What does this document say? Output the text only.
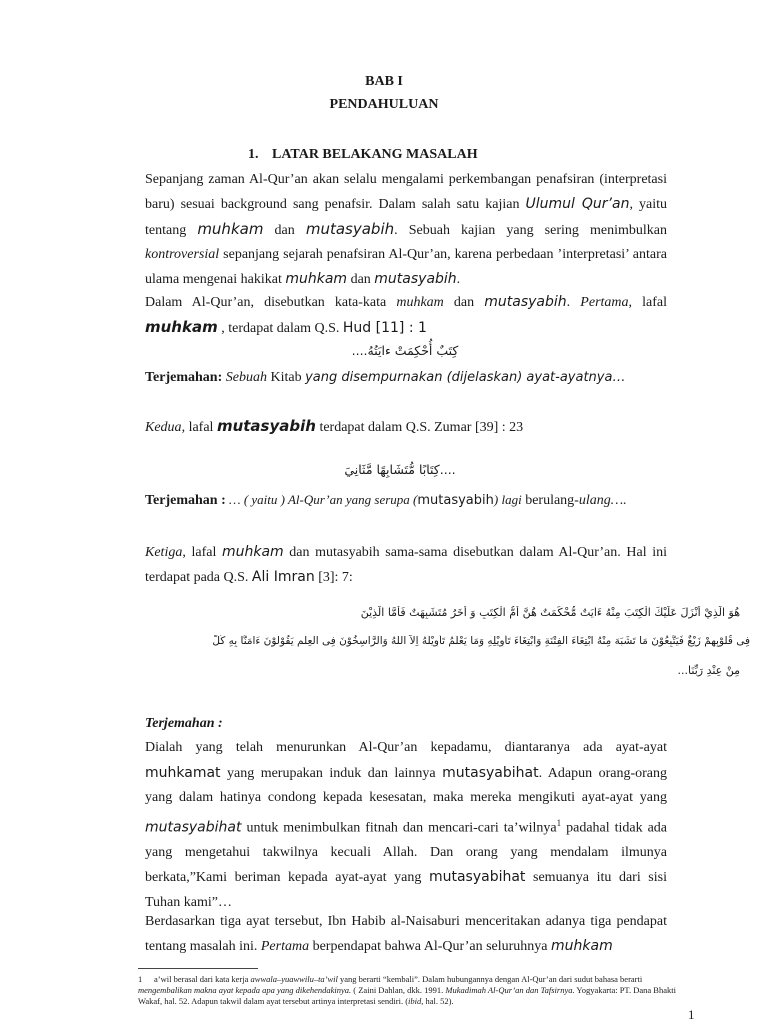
BAB I
PENDAHULUAN
1. LATAR BELAKANG MASALAH
Sepanjang zaman Al-Qur’an akan selalu mengalami perkembangan penafsiran (interpretasi baru) sesuai background sang penafsir. Dalam salah satu kajian Ulumul Qur’an, yaitu tentang muhkam dan mutasyabih. Sebuah kajian yang sering menimbulkan kontroversial sepanjang sejarah penafsiran Al-Qur’an, karena perbedaan ’interpretasi’ antara ulama mengenai hakikat muhkam dan mutasyabih.
Dalam Al-Qur’an, disebutkan kata-kata muhkam dan mutasyabih. Pertama, lafal muhkam , terdapat dalam Q.S. Hud [11] : 1
كِتَبٌ أُحْكِمَتْ ءايَتُهُ....
Terjemahan: Sebuah Kitab yang disempurnakan (dijelaskan) ayat-ayatnya…
Kedua, lafal mutasyabih terdapat dalam Q.S. Zumar [39] : 23
....كِتَابًا مُّتَشَابِهًا مَّثَانِيَ
Terjemahan : … ( yaitu ) Al-Qur’an yang serupa (mutasyabih) lagi berulang-ulang….
Ketiga, lafal muhkam dan mutasyabih sama-sama disebutkan dalam Al-Qur’an. Hal ini terdapat pada Q.S. Ali Imran [3]: 7:
هُوَ الَّذِيْ أَنْزَلَ عَلَيْكَ الْكِتَبَ مِنْهُ ءَايَتٌ مُّحْكَمَتٌ هُنَّ أُمُّ الْكِتَبِ وَ أُخَرُ مُتَشَبِهَتٌ فَأَمَّا الَّذِيْنَ
فِى قُلُوْبِهِمْ زَيْغٌ فَيَتَّبِعُوْنَ مَا تَشَبَهَ مِنْهُ ابْتِغَاءَ الْفِتْنَةِ وَابْتِغَاءَ تَأْوِيْلِهِ وَمَا يَعْلَمُ تَأْوِيْلَهُ اِلاَّ اللهُ وَالرَّاسِخُوْنَ فِى الْعِلْمِ يَقُوْلُوْنَ ءَامَنَّا بِهِ كُلٌّ
مِنْ عِنْدِ رَبِّنَا...
Terjemahan :
Dialah yang telah menurunkan Al-Qur’an kepadamu, diantaranya ada ayat-ayat muhkamat yang merupakan induk dan lainnya mutasyabihat. Adapun orang-orang yang dalam hatinya condong kepada kesesatan, maka mereka mengikuti ayat-ayat yang mutasyabihat untuk menimbulkan fitnah dan mencari-cari ta’wilnya$^1$ padahal tidak ada yang mengetahui takwilnya kecuali Allah. Dan orang yang mendalam ilmunya berkata,”Kami beriman kepada ayat-ayat yang mutasyabihat semuanya itu dari sisi Tuhan kami”…
Berdasarkan tiga ayat tersebut, Ibn Habib al-Naisaburi menceritakan adanya tiga pendapat tentang masalah ini. Pertama berpendapat bahwa Al-Qur’an seluruhnya muhkam
1 a’wil berasal dari kata kerja awwala–yuawwilu–ta’wil yang berarti “kembali”. Dalam hubungannya dengan Al-Qur’an dari sudut bahasa berarti mengembalikan makna ayat kepada apa yang dikehendakinya. ( Zaini Dahlan, dkk. 1991. Mukadimah Al-Qur’an dan Tafsirnya. Yogyakarta: PT. Dana Bhakti Wakaf, hal. 52. Adapun takwil dalam ayat tersebut artinya interpretasi sendiri. (ibid, hal. 52).
1
